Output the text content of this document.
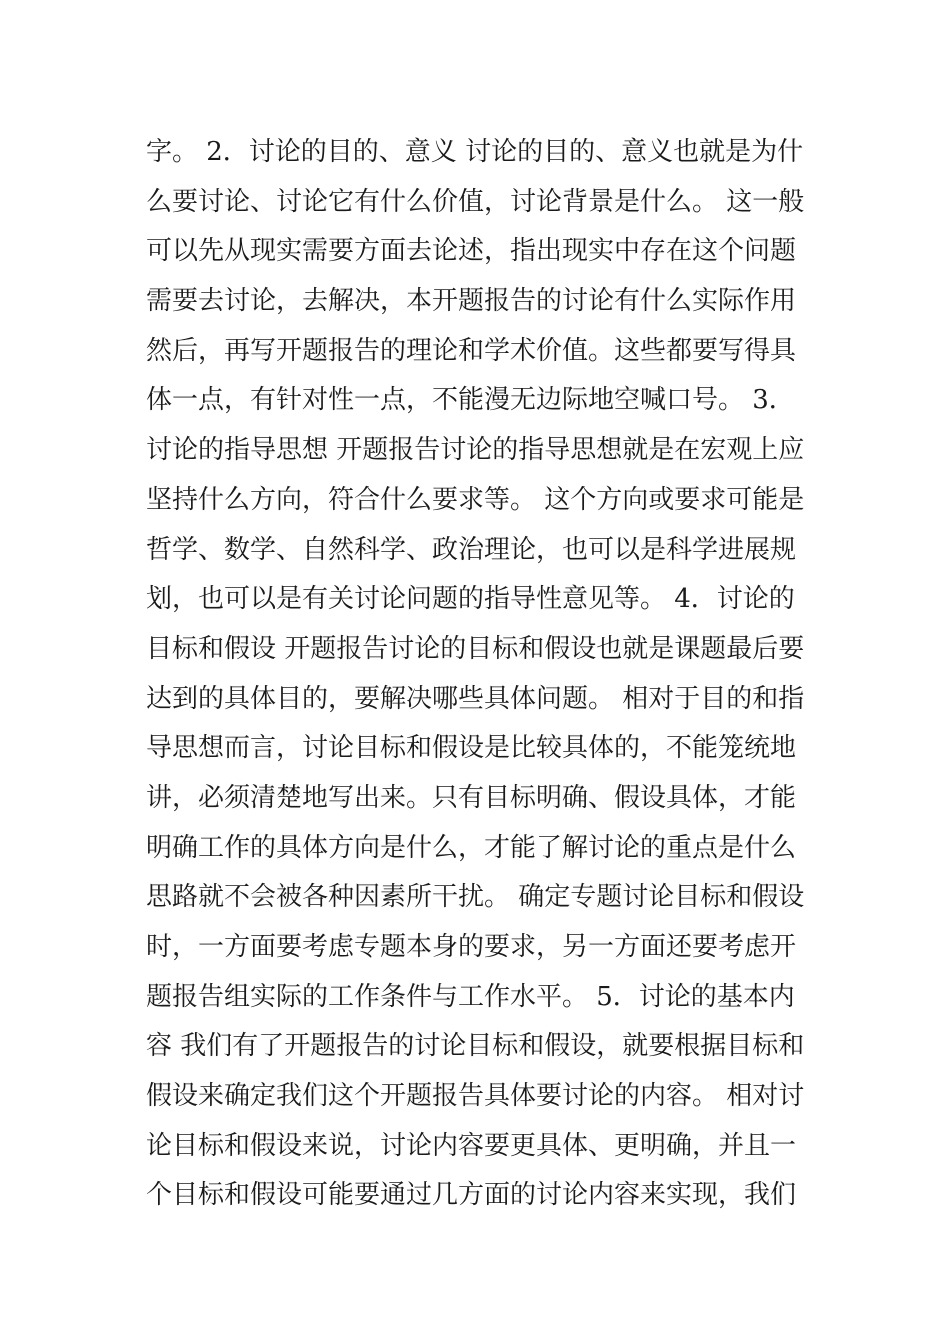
字。 2．讨论的目的、意义 讨论的目的、意义也就是为什
么要讨论、讨论它有什么价值，讨论背景是什么。 这一般
可以先从现实需要方面去论述，指出现实中存在这个问题
需要去讨论，去解决，本开题报告的讨论有什么实际作用
然后，再写开题报告的理论和学术价值。这些都要写得具
体一点，有针对性一点，不能漫无边际地空喊口号。 3．
讨论的指导思想 开题报告讨论的指导思想就是在宏观上应
坚持什么方向，符合什么要求等。 这个方向或要求可能是
哲学、数学、自然科学、政治理论，也可以是科学进展规
划，也可以是有关讨论问题的指导性意见等。 4．讨论的
目标和假设 开题报告讨论的目标和假设也就是课题最后要
达到的具体目的，要解决哪些具体问题。 相对于目的和指
导思想而言，讨论目标和假设是比较具体的，不能笼统地
讲，必须清楚地写出来。只有目标明确、假设具体，才能
明确工作的具体方向是什么，才能了解讨论的重点是什么
思路就不会被各种因素所干扰。 确定专题讨论目标和假设
时，一方面要考虑专题本身的要求，另一方面还要考虑开
题报告组实际的工作条件与工作水平。 5．讨论的基本内
容 我们有了开题报告的讨论目标和假设，就要根据目标和
假设来确定我们这个开题报告具体要讨论的内容。 相对讨
论目标和假设来说，讨论内容要更具体、更明确，并且一
个目标和假设可能要通过几方面的讨论内容来实现，我们
